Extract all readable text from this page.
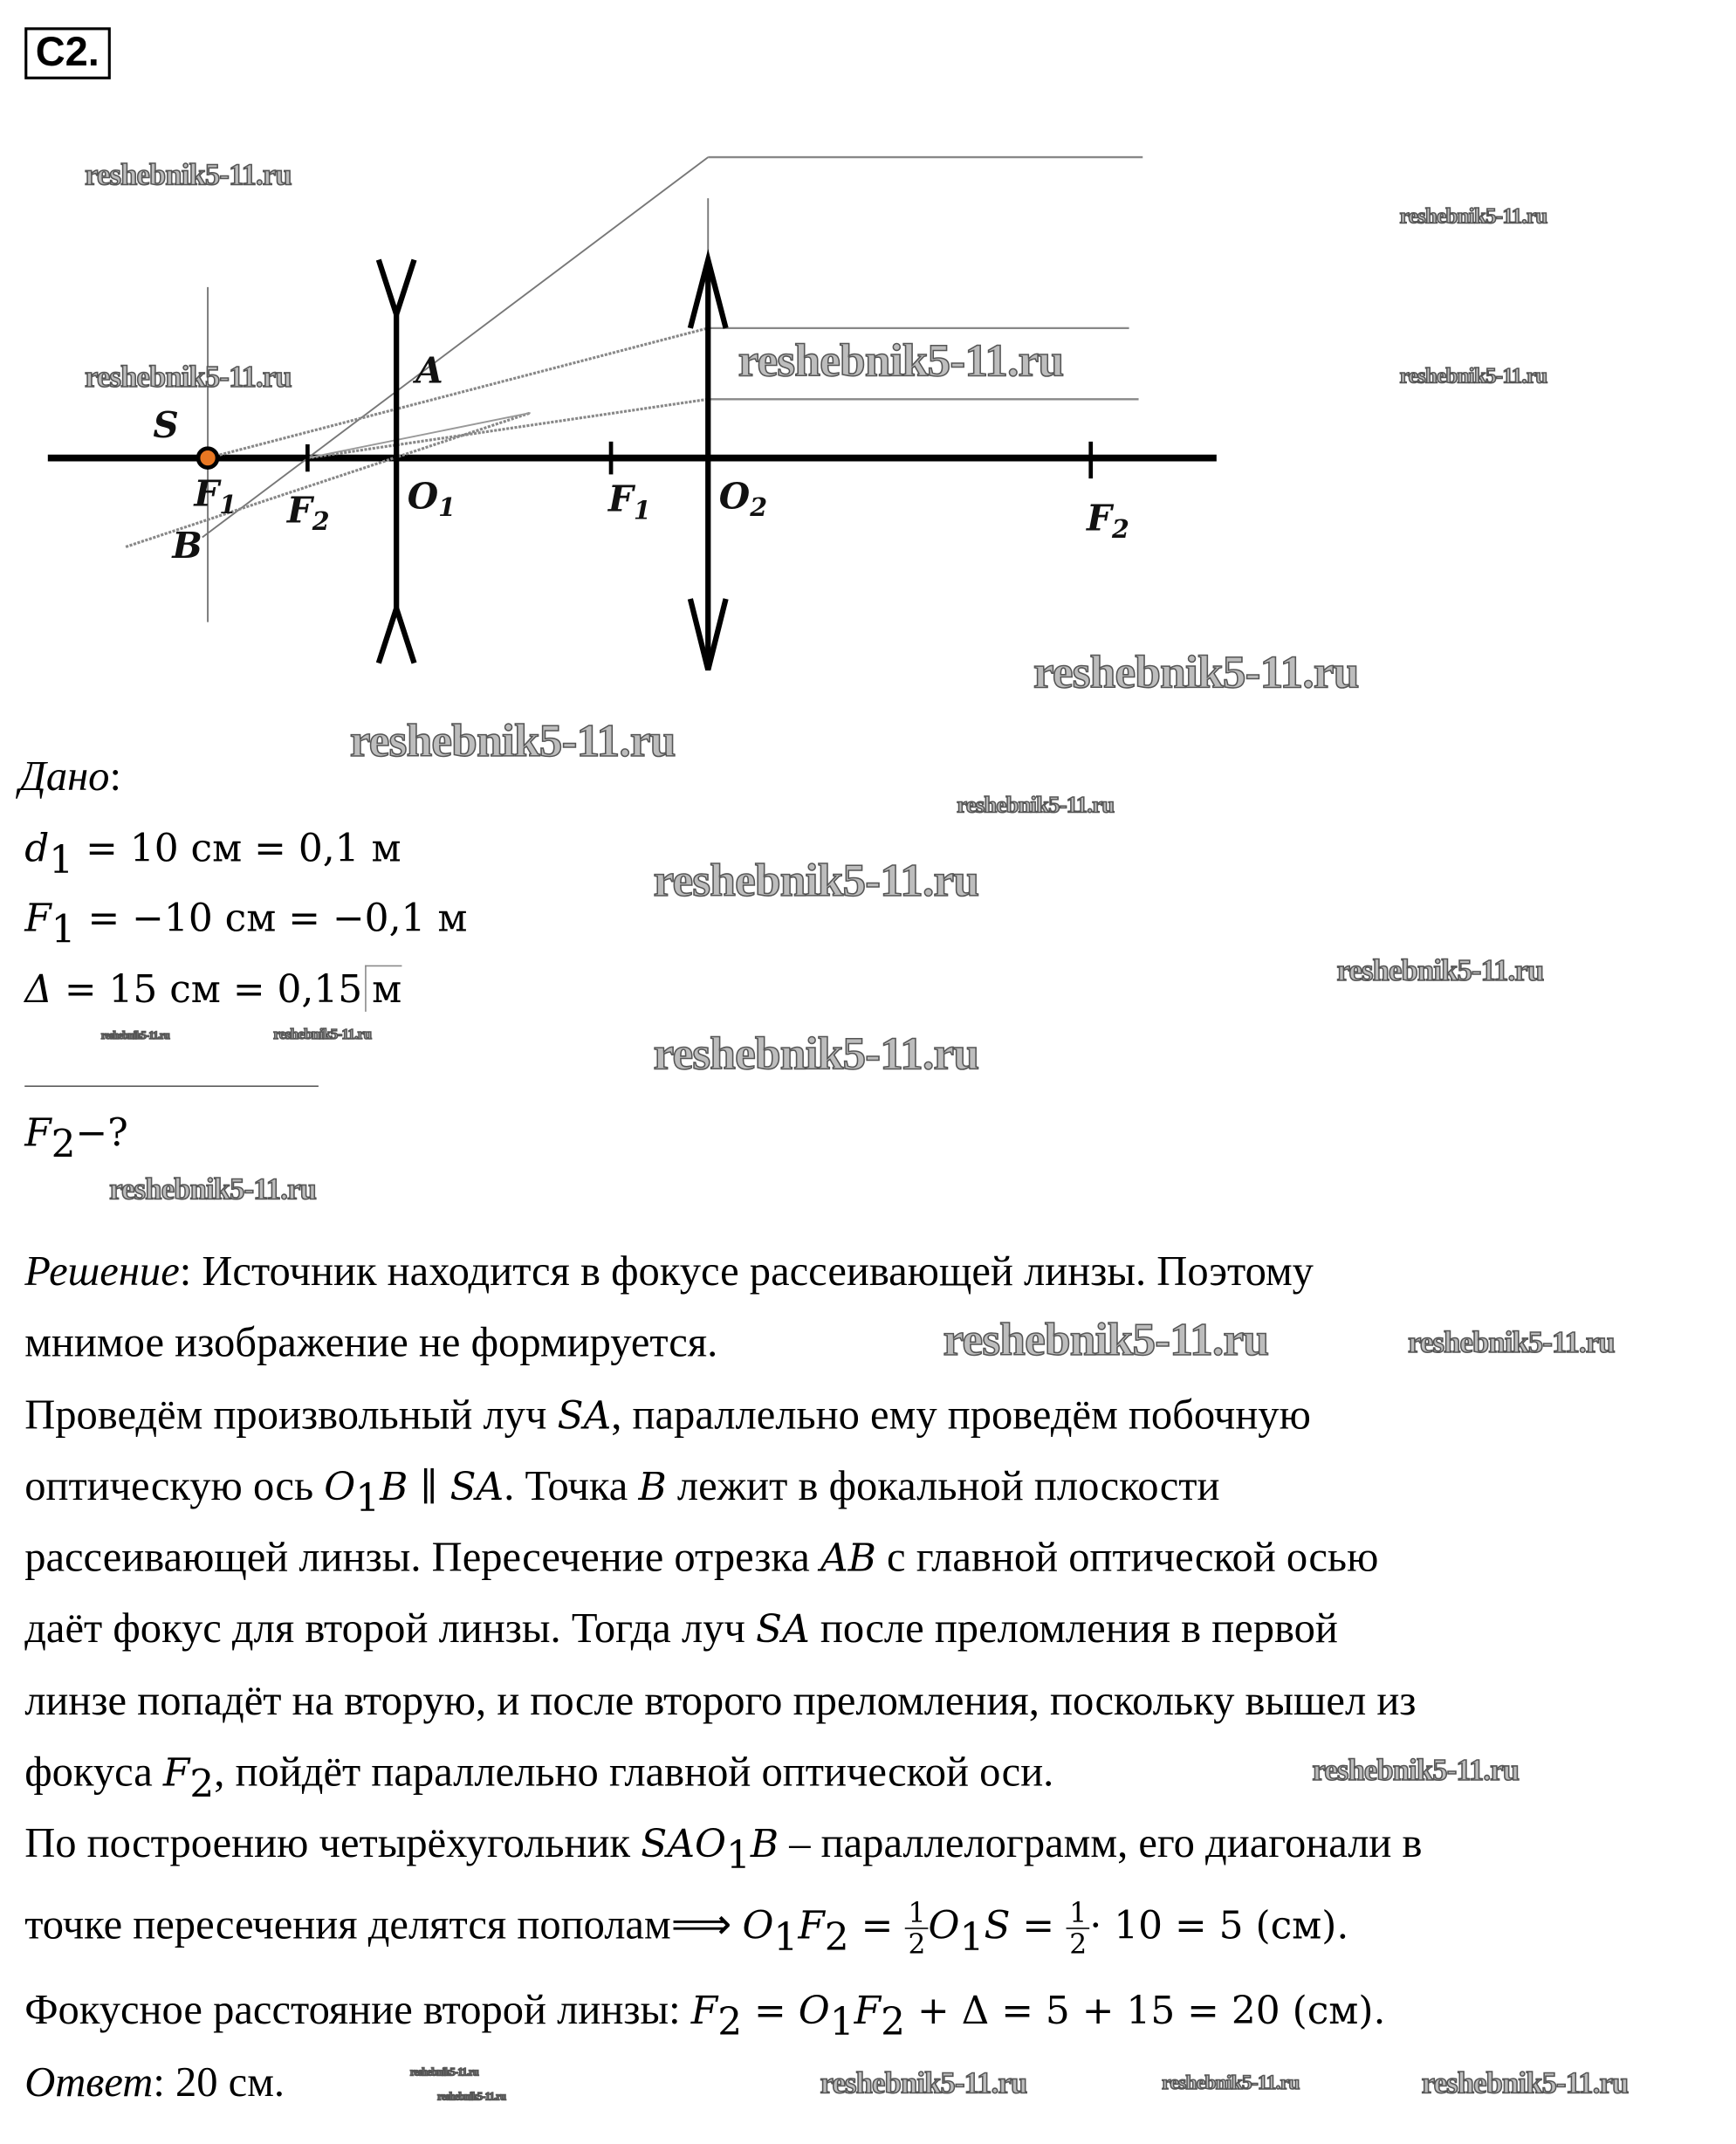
C2.
S
A
B
$F_1$ $F_2$
$O_1$	$F_1$	$O_2$	$F_2$
Дано:
$d_1 = 10$ см = 0,1 м
$F_1 = -10$ см = −0,1 м
Δ = 15 см = 0,15 м
$F_2-$?
Решение: Источник находится в фокусе рассеивающей линзы. Поэтому
мнимое изображение не формируется.
Проведём произвольный луч SA, параллельно ему проведём побочную
оптическую ось $O_1B$ ∥ SA. Точка B лежит в фокальной плоскости
рассеивающей линзы. Пересечение отрезка AB с главной оптической осью
даёт фокус для второй линзы. Тогда луч SA после преломления в первой
линзе попадёт на вторую, и после второго преломления, поскольку вышел из
фокуса $F_2$, пойдёт параллельно главной оптической оси.
По построению четырёхугольник $SAO_1B$ – параллелограмм, его диагонали в
точке пересечения делятся пополам⟹ $O_1F_2 = \frac{1}{2} O_1S = \frac{1}{2} \cdot 10 = 5$ (см).
Фокусное расстояние второй линзы: $F_2 = O_1F_2 + \Delta = 5 + 15 = 20$ (см).
Ответ: 20 см.
reshebnik5-11.ru
reshebnik5-11.ru
reshebnik5-11.ru	reshebnik5-11.ru
reshebnik5-11.ru
reshebnik5-11.ru
reshebnik5-11.ru
reshebnik5-11.ru
reshebnik5-11.ru	reshebnik5-11.ru	reshebnik5-11.ru
reshebnik5-11.ru
reshebnik5-11.ru
reshebnik5-11.ru
reshebnik5-11.ru
reshebnik5-11.ru
reshebnik5-11.ru	reshebnik5-11.ru
reshebnik5-11.ru
reshebnik5-11.ru	reshebnik5-11.ru
reshebnik5-11.ru
